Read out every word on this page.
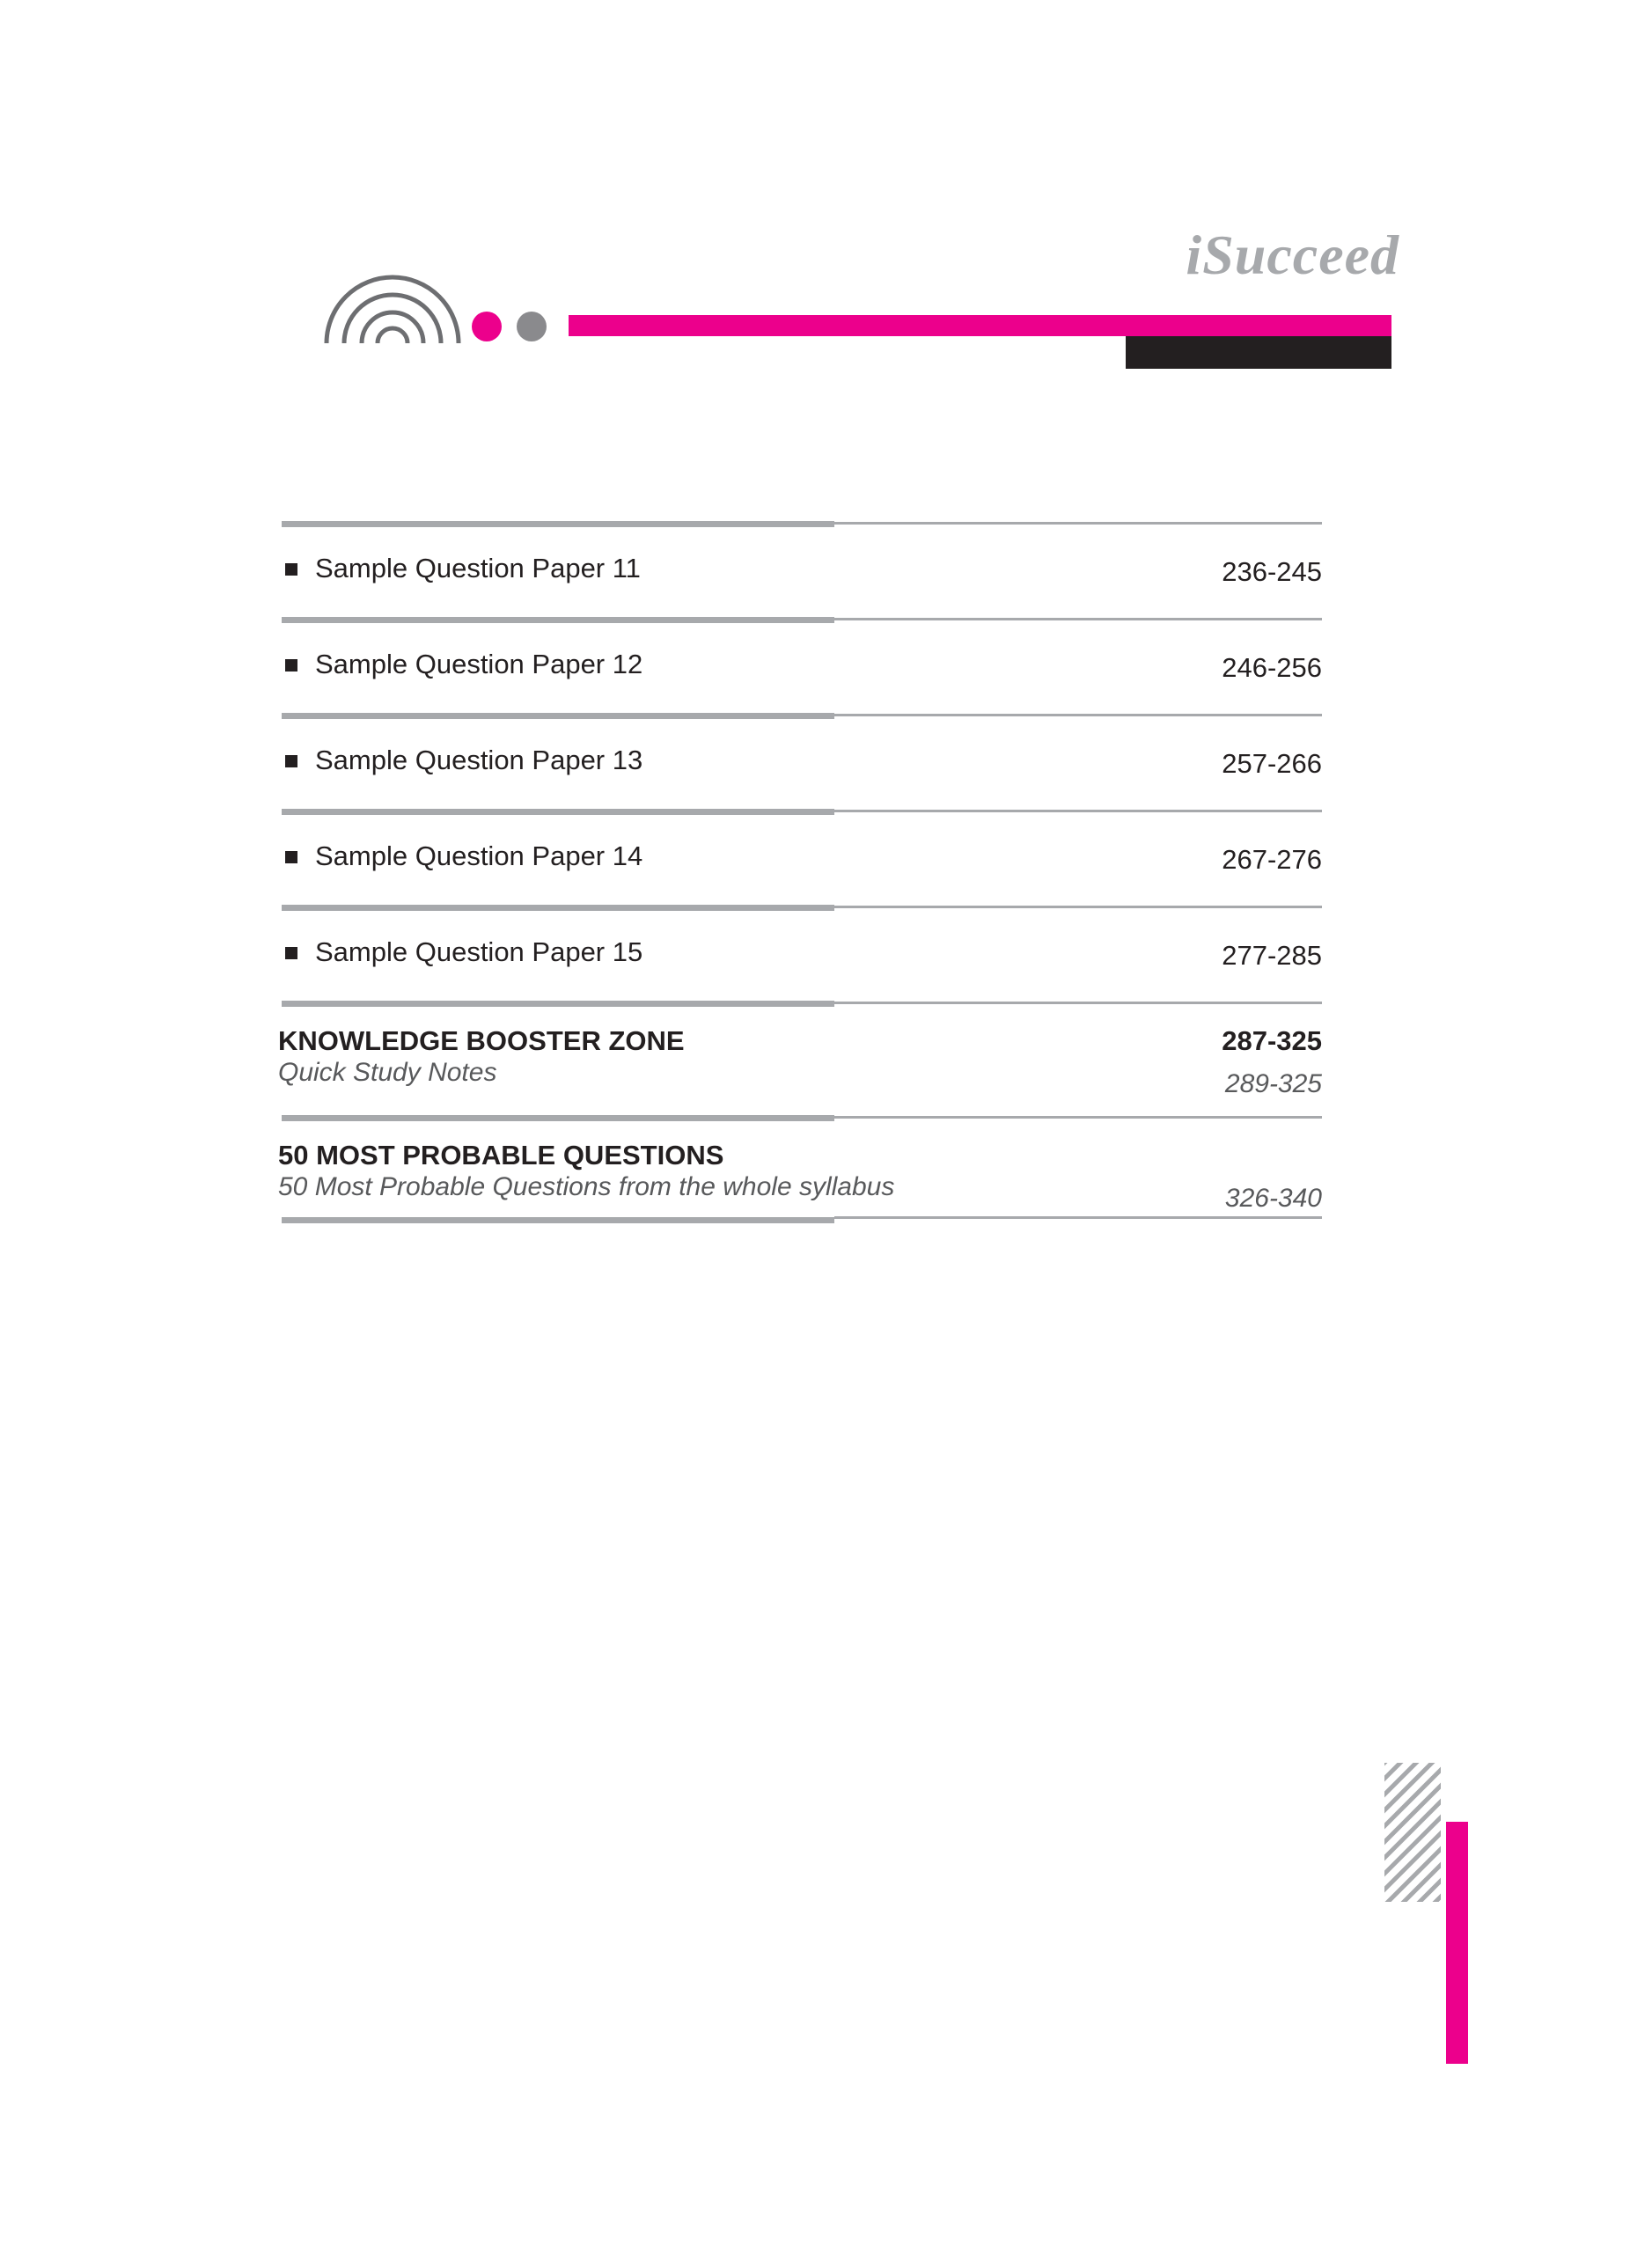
iSucceed
Sample Question Paper 11	236-245
Sample Question Paper 12	246-256
Sample Question Paper 13	257-266
Sample Question Paper 14	267-276
Sample Question Paper 15	277-285
KNOWLEDGE BOOSTER ZONE	287-325
Quick Study Notes	289-325
50 MOST PROBABLE QUESTIONS
50 Most Probable Questions from the whole syllabus	326-340
